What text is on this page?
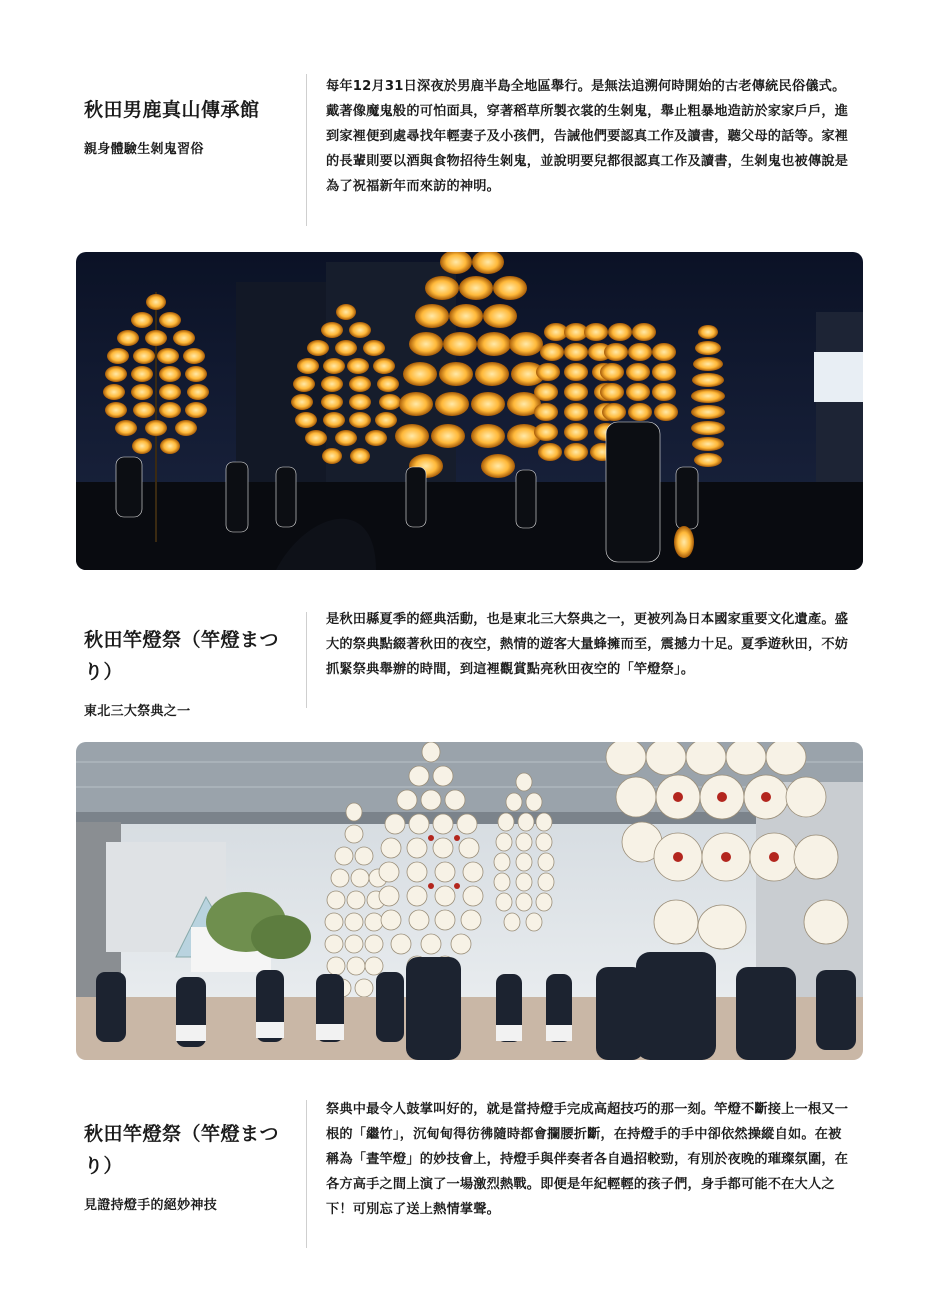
秋田男鹿真山傳承館
親身體驗生剝鬼習俗

每年12月31日深夜於男鹿半島全地區舉行。是無法追溯何時開始的古老傳統民俗儀式。戴著像魔鬼般的可怕面具，穿著稻草所製衣裳的生剝鬼，舉止粗暴地造訪於家家戶戶，進到家裡便到處尋找年輕妻子及小孩們，告誡他們要認真工作及讀書，聽父母的話等。家裡的長輩則要以酒與食物招待生剝鬼，並說明要兒都很認真工作及讀書，生剝鬼也被傳說是為了祝福新年而來訪的神明。

秋田竿燈祭（竿燈まつり）
東北三大祭典之一

是秋田縣夏季的經典活動，也是東北三大祭典之一，更被列為日本國家重要文化遺產。盛大的祭典點綴著秋田的夜空，熱情的遊客大量蜂擁而至，震撼力十足。夏季遊秋田，不妨抓緊祭典舉辦的時間，到這裡觀賞點亮秋田夜空的「竿燈祭」。

秋田竿燈祭（竿燈まつり）
見證持燈手的絕妙神技

祭典中最令人鼓掌叫好的，就是當持燈手完成高超技巧的那一刻。竿燈不斷接上一根又一根的「繼竹」，沉甸甸得彷彿隨時都會攔腰折斷，在持燈手的手中卻依然操縱自如。在被稱為「晝竿燈」的妙技會上，持燈手與伴奏者各自過招較勁，有別於夜晚的璀璨氛圍，在各方高手之間上演了一場激烈熱戰。即便是年紀輕輕的孩子們，身手都可能不在大人之下！可別忘了送上熱情掌聲。
